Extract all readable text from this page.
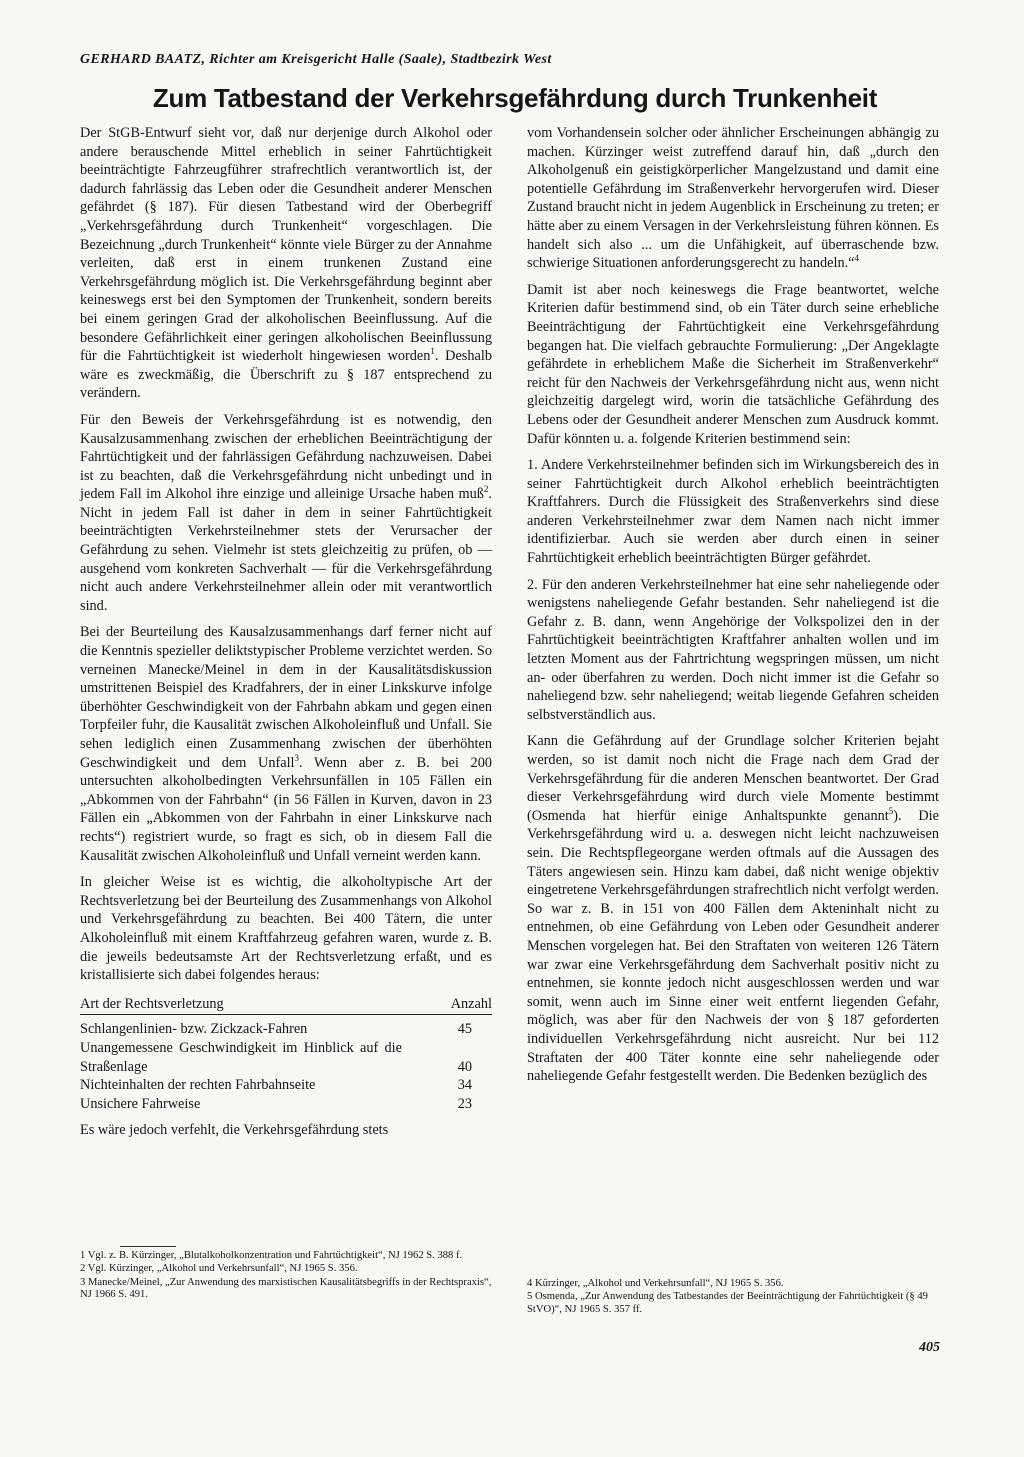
GERHARD BAATZ, Richter am Kreisgericht Halle (Saale), Stadtbezirk West

Zum Tatbestand der Verkehrsgefährdung durch Trunkenheit

Der StGB-Entwurf sieht vor, daß nur derjenige durch Alkohol oder andere berauschende Mittel erheblich in seiner Fahrtüchtigkeit beeinträchtigte Fahrzeugführer strafrechtlich verantwortlich ist, der dadurch fahrlässig das Leben oder die Gesundheit anderer Menschen gefährdet (§ 187). Für diesen Tatbestand wird der Oberbegriff „Verkehrsgefährdung durch Trunkenheit“ vorgeschlagen. Die Bezeichnung „durch Trunkenheit“ könnte viele Bürger zu der Annahme verleiten, daß erst in einem trunkenen Zustand eine Verkehrsgefährdung möglich ist. Die Verkehrsgefährdung beginnt aber keineswegs erst bei den Symptomen der Trunkenheit, sondern bereits bei einem geringen Grad der alkoholischen Beeinflussung. Auf die besondere Gefährlichkeit einer geringen alkoholischen Beeinflussung für die Fahrtüchtigkeit ist wiederholt hingewiesen worden$^1$. Deshalb wäre es zweckmäßig, die Überschrift zu § 187 entsprechend zu verändern.

Für den Beweis der Verkehrsgefährdung ist es notwendig, den Kausalzusammenhang zwischen der erheblichen Beeinträchtigung der Fahrtüchtigkeit und der fahrlässigen Gefährdung nachzuweisen. Dabei ist zu beachten, daß die Verkehrsgefährdung nicht unbedingt und in jedem Fall im Alkohol ihre einzige und alleinige Ursache haben muß$^2$. Nicht in jedem Fall ist daher in dem in seiner Fahrtüchtigkeit beeinträchtigten Verkehrsteilnehmer stets der Verursacher der Gefährdung zu sehen. Vielmehr ist stets gleichzeitig zu prüfen, ob — ausgehend vom konkreten Sachverhalt — für die Verkehrsgefährdung nicht auch andere Verkehrsteilnehmer allein oder mit verantwortlich sind.

Bei der Beurteilung des Kausalzusammenhangs darf ferner nicht auf die Kenntnis spezieller deliktstypischer Probleme verzichtet werden. So verneinen Manecke/Meinel in dem in der Kausalitätsdiskussion umstrittenen Beispiel des Kradfahrers, der in einer Linkskurve infolge überhöhter Geschwindigkeit von der Fahrbahn abkam und gegen einen Torpfeiler fuhr, die Kausalität zwischen Alkoholeinfluß und Unfall. Sie sehen lediglich einen Zusammenhang zwischen der überhöhten Geschwindigkeit und dem Unfall$^3$. Wenn aber z. B. bei 200 untersuchten alkoholbedingten Verkehrsunfällen in 105 Fällen ein „Abkommen von der Fahrbahn“ (in 56 Fällen in Kurven, davon in 23 Fällen ein „Abkommen von der Fahrbahn in einer Linkskurve nach rechts“) registriert wurde, so fragt es sich, ob in diesem Fall die Kausalität zwischen Alkoholeinfluß und Unfall verneint werden kann.

In gleicher Weise ist es wichtig, die alkoholtypische Art der Rechtsverletzung bei der Beurteilung des Zusammenhangs von Alkohol und Verkehrsgefährdung zu beachten. Bei 400 Tätern, die unter Alkoholeinfluß mit einem Kraftfahrzeug gefahren waren, wurde z. B. die jeweils bedeutsamste Art der Rechtsverletzung erfaßt, und es kristallisierte sich dabei folgendes heraus:

Art der Rechtsverletzung	Anzahl
Schlangenlinien- bzw. Zickzack-Fahren	45
Unangemessene Geschwindigkeit im Hinblick auf die Straßenlage	40
Nichteinhalten der rechten Fahrbahnseite	34
Unsichere Fahrweise	23

Es wäre jedoch verfehlt, die Verkehrsgefährdung stets

vom Vorhandensein solcher oder ähnlicher Erscheinungen abhängig zu machen. Kürzinger weist zutreffend darauf hin, daß „durch den Alkoholgenuß ein geistigkörperlicher Mangelzustand und damit eine potentielle Gefährdung im Straßenverkehr hervorgerufen wird. Dieser Zustand braucht nicht in jedem Augenblick in Erscheinung zu treten; er hätte aber zu einem Versagen in der Verkehrsleistung führen können. Es handelt sich also ... um die Unfähigkeit, auf überraschende bzw. schwierige Situationen anforderungsgerecht zu handeln.“$^4$

Damit ist aber noch keineswegs die Frage beantwortet, welche Kriterien dafür bestimmend sind, ob ein Täter durch seine erhebliche Beeinträchtigung der Fahrtüchtigkeit eine Verkehrsgefährdung begangen hat. Die vielfach gebrauchte Formulierung: „Der Angeklagte gefährdete in erheblichem Maße die Sicherheit im Straßenverkehr“ reicht für den Nachweis der Verkehrsgefährdung nicht aus, wenn nicht gleichzeitig dargelegt wird, worin die tatsächliche Gefährdung des Lebens oder der Gesundheit anderer Menschen zum Ausdruck kommt. Dafür könnten u. a. folgende Kriterien bestimmend sein:

1. Andere Verkehrsteilnehmer befinden sich im Wirkungsbereich des in seiner Fahrtüchtigkeit durch Alkohol erheblich beeinträchtigten Kraftfahrers. Durch die Flüssigkeit des Straßenverkehrs sind diese anderen Verkehrsteilnehmer zwar dem Namen nach nicht immer identifizierbar. Auch sie werden aber durch einen in seiner Fahrtüchtigkeit erheblich beeinträchtigten Bürger gefährdet.

2. Für den anderen Verkehrsteilnehmer hat eine sehr naheliegende oder wenigstens naheliegende Gefahr bestanden. Sehr naheliegend ist die Gefahr z. B. dann, wenn Angehörige der Volkspolizei den in der Fahrtüchtigkeit beeinträchtigten Kraftfahrer anhalten wollen und im letzten Moment aus der Fahrtrichtung wegspringen müssen, um nicht an- oder überfahren zu werden. Doch nicht immer ist die Gefahr so naheliegend bzw. sehr naheliegend; weitab liegende Gefahren scheiden selbstverständlich aus.

Kann die Gefährdung auf der Grundlage solcher Kriterien bejaht werden, so ist damit noch nicht die Frage nach dem Grad der Verkehrsgefährdung für die anderen Menschen beantwortet. Der Grad dieser Verkehrsgefährdung wird durch viele Momente bestimmt (Osmenda hat hierfür einige Anhaltspunkte genannt$^5$). Die Verkehrsgefährdung wird u. a. deswegen nicht leicht nachzuweisen sein. Die Rechtspflegeorgane werden oftmals auf die Aussagen des Täters angewiesen sein. Hinzu kam dabei, daß nicht wenige objektiv eingetretene Verkehrsgefährdungen strafrechtlich nicht verfolgt werden. So war z. B. in 151 von 400 Fällen dem Akteninhalt nicht zu entnehmen, ob eine Gefährdung von Leben oder Gesundheit anderer Menschen vorgelegen hat. Bei den Straftaten von weiteren 126 Tätern war zwar eine Verkehrsgefährdung dem Sachverhalt positiv nicht zu entnehmen, sie konnte jedoch nicht ausgeschlossen werden und war somit, wenn auch im Sinne einer weit entfernt liegenden Gefahr, möglich, was aber für den Nachweis der von § 187 geforderten individuellen Verkehrsgefährdung nicht ausreicht. Nur bei 112 Straftaten der 400 Täter konnte eine sehr naheliegende oder naheliegende Gefahr festgestellt werden. Die Bedenken bezüglich des

1 Vgl. z. B. Kürzinger, „Blutalkoholkonzentration und Fahrtüchtigkeit“, NJ 1962 S. 388 f.

2 Vgl. Kürzinger, „Alkohol und Verkehrsunfall“, NJ 1965 S. 356.

3 Manecke/Meinel, „Zur Anwendung des marxistischen Kausalitätsbegriffs in der Rechtspraxis“, NJ 1966 S. 491.

4 Kürzinger, „Alkohol und Verkehrsunfall“, NJ 1965 S. 356.

5 Osmenda, „Zur Anwendung des Tatbestandes der Beeinträchtigung der Fahrtüchtigkeit (§ 49 StVO)“, NJ 1965 S. 357 ff.

405
